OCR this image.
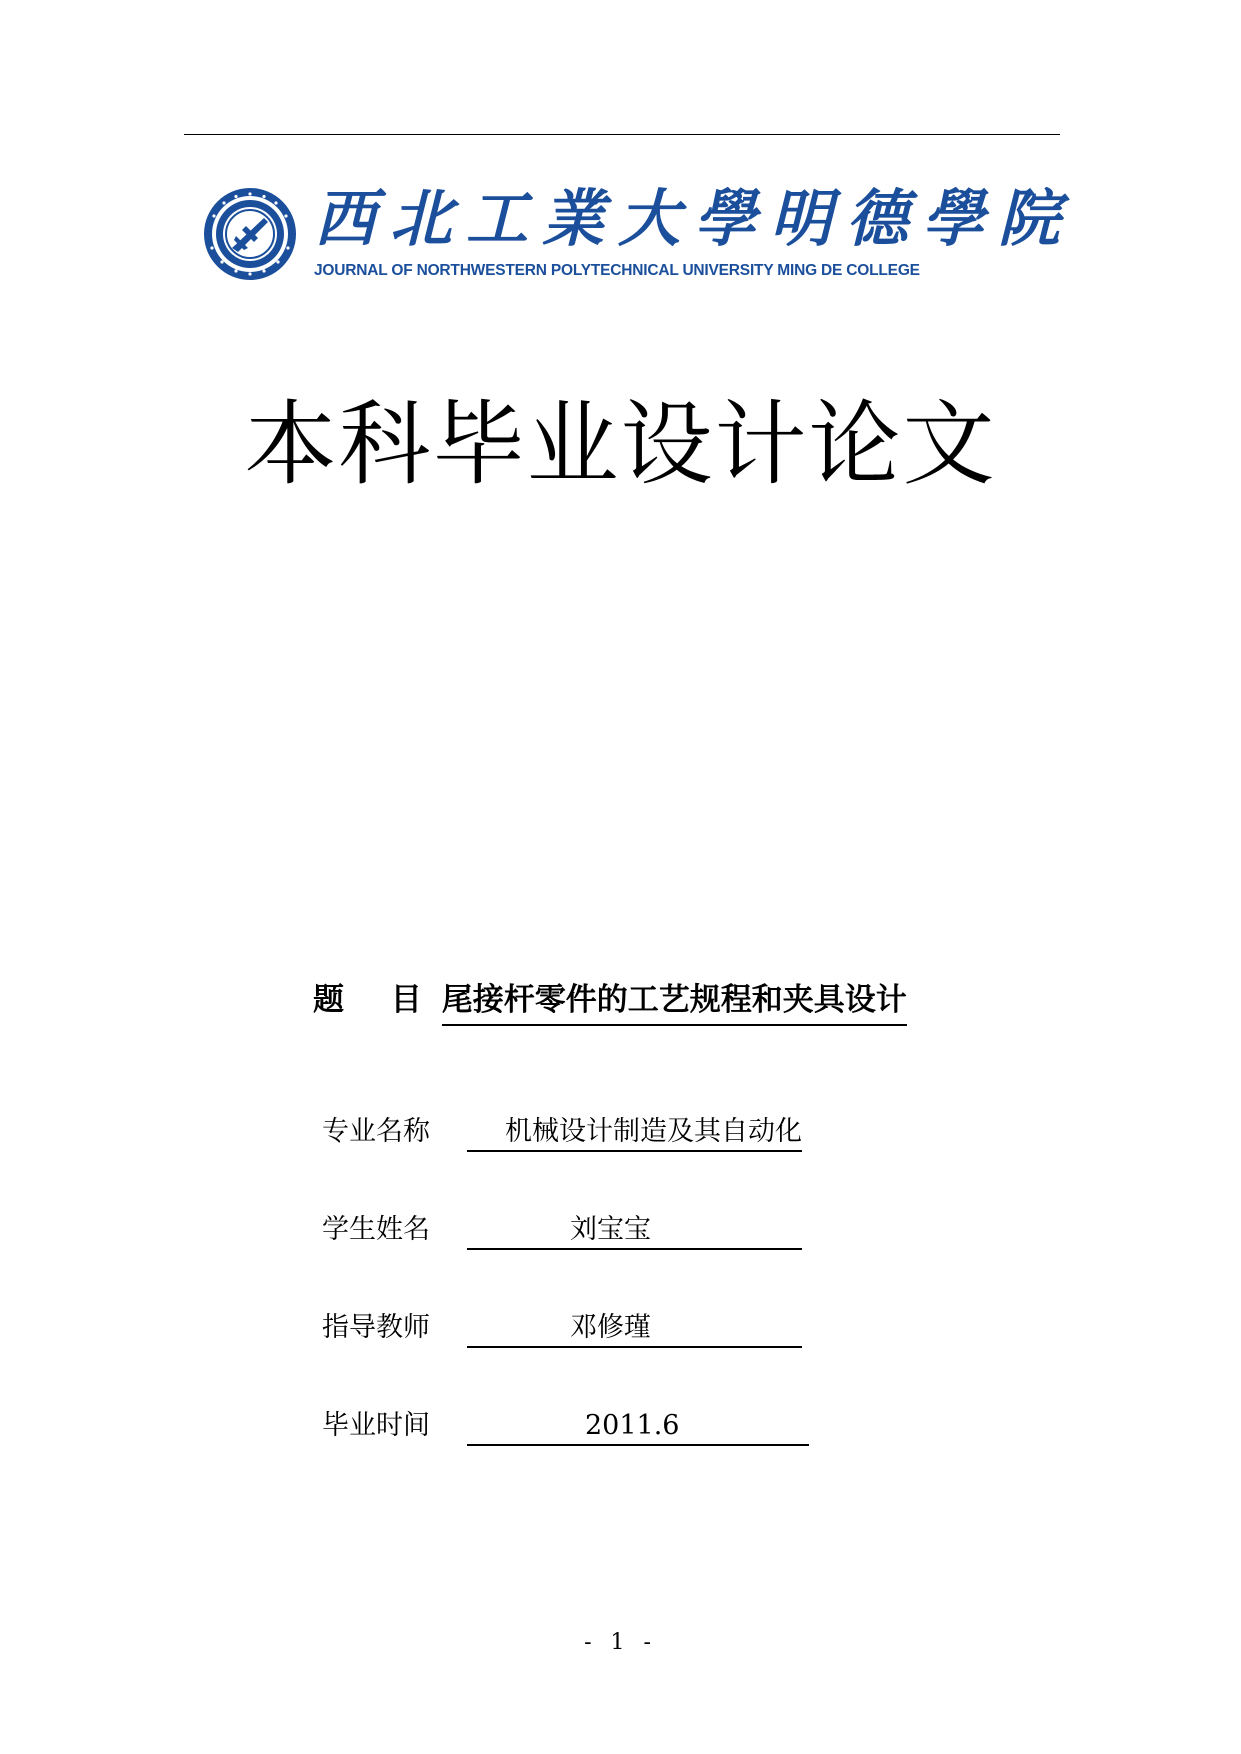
西北工業大學明德學院
JOURNAL OF NORTHWESTERN POLYTECHNICAL UNIVERSITY MING DE COLLEGE
本科毕业设计论文
题 目 尾接杆零件的工艺规程和夹具设计
专业名称	机械设计制造及其自动化
学生姓名	刘宝宝
指导教师	邓修瑾
毕业时间	2011.6
- 1 -
